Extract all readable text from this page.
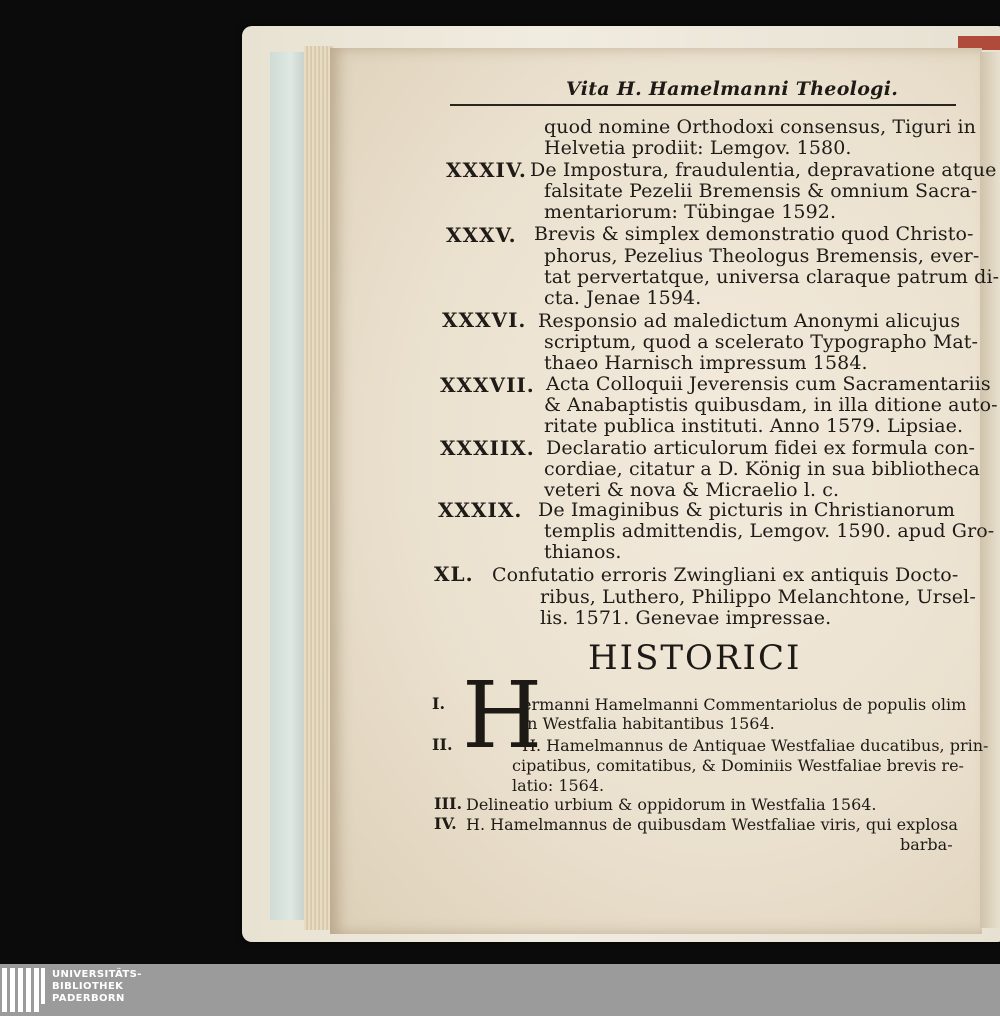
Vita H. Hamelmanni Theologi.
quod nomine Orthodoxi consensus, Tiguri in
Helvetia prodiit: Lemgov. 1580.
XXXIV. De Impostura, fraudulentia, depravatione atque
falsitate Pezelii Bremensis & omnium Sacra-
mentariorum: Tübingae 1592.
XXXV. Brevis & simplex demonstratio quod Christo-
phorus, Pezelius Theologus Bremensis, ever-
tat pervertatque, universa claraque patrum di-
cta. Jenae 1594.
XXXVI. Responsio ad maledictum Anonymi alicujus
scriptum, quod a scelerato Typographo Mat-
thaeo Harnisch impressum 1584.
XXXVII. Acta Colloquii Jeverensis cum Sacramentariis
& Anabaptistis quibusdam, in illa ditione auto-
ritate publica instituti. Anno 1579. Lipsiae.
XXXIIX. Declaratio articulorum fidei ex formula con-
cordiae, citatur a D. König in sua bibliotheca
veteri & nova & Micraelio l. c.
XXXIX. De Imaginibus & picturis in Christianorum
templis admittendis, Lemgov. 1590. apud Gro-
thianos.
XL. Confutatio erroris Zwingliani ex antiquis Docto-
ribus, Luthero, Philippo Melanchtone, Ursel-
lis. 1571. Genevae impressae.
HISTORICI
H
I.	ermanni Hamelmanni Commentariolus de populis olim
in Westfalia habitantibus 1564.
II.	H. Hamelmannus de Antiquae Westfaliae ducatibus, prin-
cipatibus, comitatibus, & Dominiis Westfaliae brevis re-
latio: 1564.
III. Delineatio urbium & oppidorum in Westfalia 1564.
IV. H. Hamelmannus de quibusdam Westfaliae viris, qui explosa
barba-
UNIVERSITÄTS-
BIBLIOTHEK
PADERBORN
